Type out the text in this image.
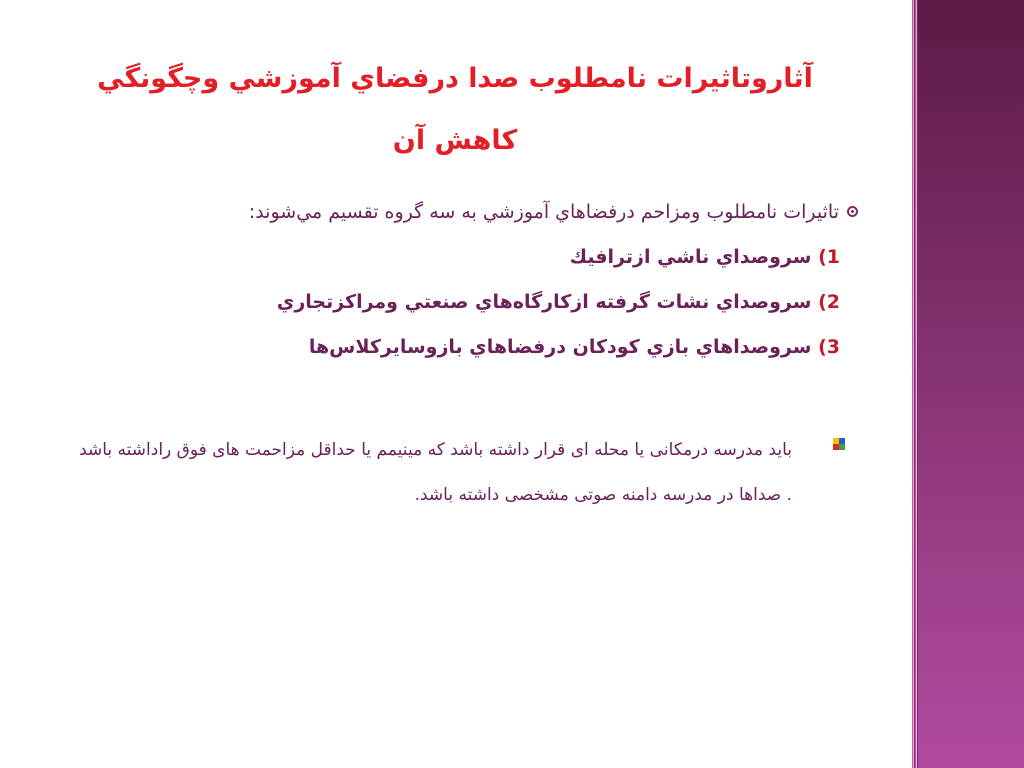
آثاروتاثيرات نامطلوب صدا درفضاي آموزشي وچگونگي كاهش آن
تاثيرات نامطلوب ومزاحم درفضاهاي آموزشي به سه گروه تقسيم مي‌شوند:
1) سروصداي ناشي ازترافيك
2) سروصداي نشات گرفته ازكارگاه‌هاي صنعتي ومراكزتجاري
3) سروصداهاي بازي كودكان درفضاهاي بازوسايركلاس‌ها
باید مدرسه درمکانی یا محله ای قرار داشته باشد که مینیمم یا حداقل مزاحمت های فوق راداشته باشد . صداها در مدرسه دامنه صوتی مشخصی داشته باشد.
